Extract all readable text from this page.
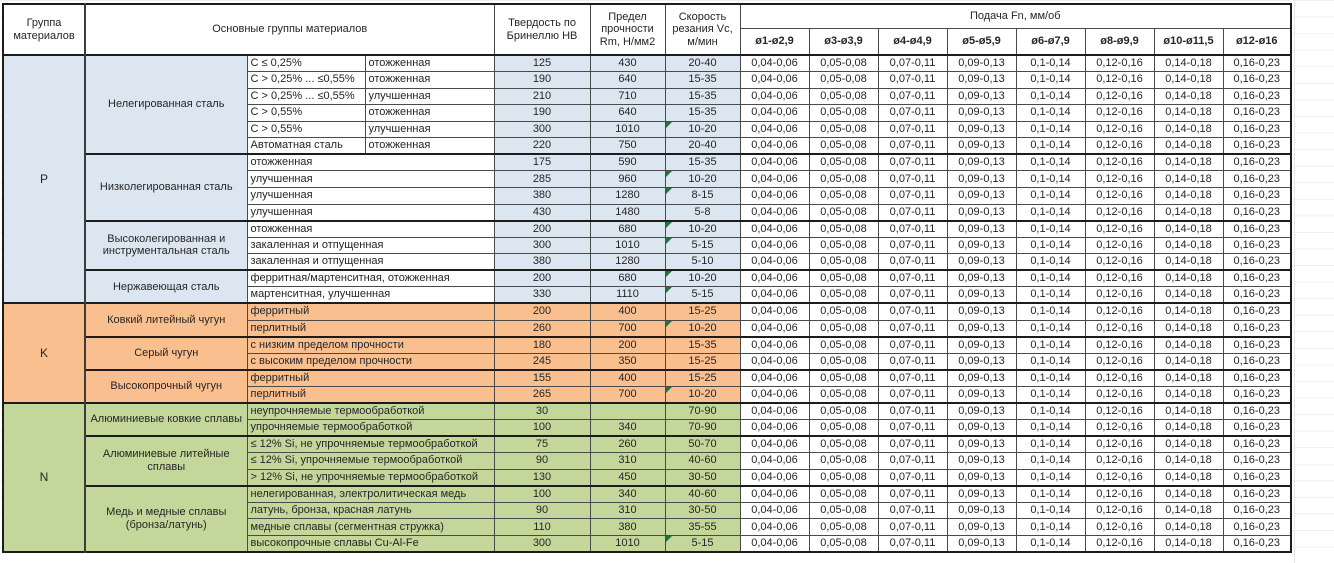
Группа материалов	Основные группы материалов			Твердость по Бринеллю HB	Предел прочности Rm, Н/мм2	Скорость резания Vc, м/мин	Подача Fn, мм/об							
							ø1-ø2,9	ø3-ø3,9	ø4-ø4,9	ø5-ø5,9	ø6-ø7,9	ø8-ø9,9	ø10-ø11,5	ø12-ø16
P	Нелегированная сталь	C ≤ 0,25%	отожженная	125	430	20-40	0,04-0,06	0,05-0,08	0,07-0,11	0,09-0,13	0,1-0,14	0,12-0,16	0,14-0,18	0,16-0,23
		C > 0,25% ... ≤0,55%	отожженная	190	640	15-35	0,04-0,06	0,05-0,08	0,07-0,11	0,09-0,13	0,1-0,14	0,12-0,16	0,14-0,18	0,16-0,23
		C > 0,25% ... ≤0,55%	улучшенная	210	710	15-35	0,04-0,06	0,05-0,08	0,07-0,11	0,09-0,13	0,1-0,14	0,12-0,16	0,14-0,18	0,16-0,23
		C > 0,55%	отожженная	190	640	15-35	0,04-0,06	0,05-0,08	0,07-0,11	0,09-0,13	0,1-0,14	0,12-0,16	0,14-0,18	0,16-0,23
		C > 0,55%	улучшенная	300	1010	10-20	0,04-0,06	0,05-0,08	0,07-0,11	0,09-0,13	0,1-0,14	0,12-0,16	0,14-0,18	0,16-0,23
		Автоматная сталь	отожженная	220	750	20-40	0,04-0,06	0,05-0,08	0,07-0,11	0,09-0,13	0,1-0,14	0,12-0,16	0,14-0,18	0,16-0,23
	Низколегированная сталь	отожженная		175	590	15-35	0,04-0,06	0,05-0,08	0,07-0,11	0,09-0,13	0,1-0,14	0,12-0,16	0,14-0,18	0,16-0,23
		улучшенная		285	960	10-20	0,04-0,06	0,05-0,08	0,07-0,11	0,09-0,13	0,1-0,14	0,12-0,16	0,14-0,18	0,16-0,23
		улучшенная		380	1280	8-15	0,04-0,06	0,05-0,08	0,07-0,11	0,09-0,13	0,1-0,14	0,12-0,16	0,14-0,18	0,16-0,23
		улучшенная		430	1480	5-8	0,04-0,06	0,05-0,08	0,07-0,11	0,09-0,13	0,1-0,14	0,12-0,16	0,14-0,18	0,16-0,23
	Высоколегированная и инструментальная сталь	отожженная		200	680	10-20	0,04-0,06	0,05-0,08	0,07-0,11	0,09-0,13	0,1-0,14	0,12-0,16	0,14-0,18	0,16-0,23
		закаленная и отпущенная		300	1010	5-15	0,04-0,06	0,05-0,08	0,07-0,11	0,09-0,13	0,1-0,14	0,12-0,16	0,14-0,18	0,16-0,23
		закаленная и отпущенная		380	1280	5-10	0,04-0,06	0,05-0,08	0,07-0,11	0,09-0,13	0,1-0,14	0,12-0,16	0,14-0,18	0,16-0,23
	Нержавеющая сталь	ферритная/мартенситная, отожженная		200	680	10-20	0,04-0,06	0,05-0,08	0,07-0,11	0,09-0,13	0,1-0,14	0,12-0,16	0,14-0,18	0,16-0,23
		мартенситная, улучшенная		330	1110	5-15	0,04-0,06	0,05-0,08	0,07-0,11	0,09-0,13	0,1-0,14	0,12-0,16	0,14-0,18	0,16-0,23
K	Ковкий литейный чугун	ферритный		200	400	15-25	0,04-0,06	0,05-0,08	0,07-0,11	0,09-0,13	0,1-0,14	0,12-0,16	0,14-0,18	0,16-0,23
		перлитный		260	700	10-20	0,04-0,06	0,05-0,08	0,07-0,11	0,09-0,13	0,1-0,14	0,12-0,16	0,14-0,18	0,16-0,23
	Серый чугун	с низким пределом прочности		180	200	15-35	0,04-0,06	0,05-0,08	0,07-0,11	0,09-0,13	0,1-0,14	0,12-0,16	0,14-0,18	0,16-0,23
		с высоким пределом прочности		245	350	15-25	0,04-0,06	0,05-0,08	0,07-0,11	0,09-0,13	0,1-0,14	0,12-0,16	0,14-0,18	0,16-0,23
	Высокопрочный чугун	ферритный		155	400	15-25	0,04-0,06	0,05-0,08	0,07-0,11	0,09-0,13	0,1-0,14	0,12-0,16	0,14-0,18	0,16-0,23
		перлитный		265	700	10-20	0,04-0,06	0,05-0,08	0,07-0,11	0,09-0,13	0,1-0,14	0,12-0,16	0,14-0,18	0,16-0,23
N	Алюминиевые ковкие сплавы	неупрочняемые термообработкой		30		70-90	0,04-0,06	0,05-0,08	0,07-0,11	0,09-0,13	0,1-0,14	0,12-0,16	0,14-0,18	0,16-0,23
		упрочняемые термообработкой		100	340	70-90	0,04-0,06	0,05-0,08	0,07-0,11	0,09-0,13	0,1-0,14	0,12-0,16	0,14-0,18	0,16-0,23
	Алюминиевые литейные сплавы	≤ 12% Si, не упрочняемые термообработкой		75	260	50-70	0,04-0,06	0,05-0,08	0,07-0,11	0,09-0,13	0,1-0,14	0,12-0,16	0,14-0,18	0,16-0,23
		≤ 12% Si, упрочняемые термообработкой		90	310	40-60	0,04-0,06	0,05-0,08	0,07-0,11	0,09-0,13	0,1-0,14	0,12-0,16	0,14-0,18	0,16-0,23
		> 12% Si, не упрочняемые термообработкой		130	450	30-50	0,04-0,06	0,05-0,08	0,07-0,11	0,09-0,13	0,1-0,14	0,12-0,16	0,14-0,18	0,16-0,23
	Медь и медные сплавы (бронза/латунь)	нелегированная, электролитическая медь		100	340	40-60	0,04-0,06	0,05-0,08	0,07-0,11	0,09-0,13	0,1-0,14	0,12-0,16	0,14-0,18	0,16-0,23
		латунь, бронза, красная латунь		90	310	30-50	0,04-0,06	0,05-0,08	0,07-0,11	0,09-0,13	0,1-0,14	0,12-0,16	0,14-0,18	0,16-0,23
		медные сплавы (сегментная стружка)		110	380	35-55	0,04-0,06	0,05-0,08	0,07-0,11	0,09-0,13	0,1-0,14	0,12-0,16	0,14-0,18	0,16-0,23
		высокопрочные сплавы Cu-Al-Fe		300	1010	5-15	0,04-0,06	0,05-0,08	0,07-0,11	0,09-0,13	0,1-0,14	0,12-0,16	0,14-0,18	0,16-0,23
